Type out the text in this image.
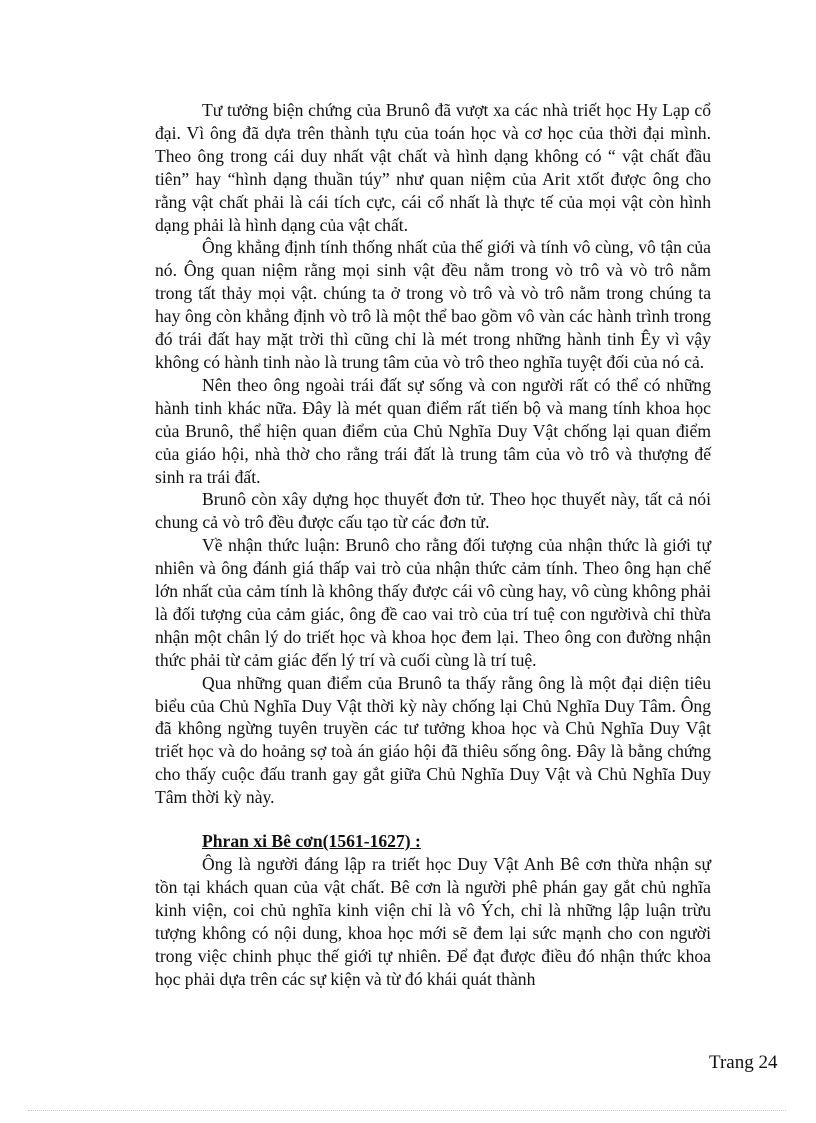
Tư tưởng biện chứng của Brunô đã vượt xa các nhà triết học Hy Lạp cổ đại. Vì ông đã dựa trên thành tựu của toán học và cơ học của thời đại mình. Theo ông trong cái duy nhất vật chất và hình dạng không có “ vật chất đầu tiên” hay “hình dạng thuần túy” như quan niệm của Arit xtốt được ông cho rằng vật chất phải là cái tích cực, cái cổ nhất là thực tế của mọi vật còn hình dạng phải là hình dạng của vật chất.

Ông khẳng định tính thống nhất của thế giới và tính vô cùng, vô tận của nó. Ông quan niệm rằng mọi sinh vật đều nằm trong vò trô và vò trô nằm trong tất thảy mọi vật. chúng ta ở trong vò trô và vò trô nằm trong chúng ta hay ông còn khẳng định vò trô là một thể bao gồm vô vàn các hành trình trong đó trái đất hay mặt trời thì cũng chỉ là mét trong những hành tinh Êy vì vậy không có hành tinh nào là trung tâm của vò trô theo nghĩa tuyệt đối của nó cả.

Nên theo ông ngoài trái đất sự sống và con người rất có thể có những hành tinh khác nữa. Đây là mét quan điểm rất tiến bộ và mang tính khoa học của Brunô, thể hiện quan điểm của Chủ Nghĩa Duy Vật chống lại quan điểm của giáo hội, nhà thờ cho rằng trái đất là trung tâm của vò trô và thượng đế sinh ra trái đất.

Brunô còn xây dựng học thuyết đơn tử. Theo học thuyết này, tất cả nói chung cả vò trô đều được cấu tạo từ các đơn tử.

Về nhận thức luận: Brunô cho rằng đối tượng của nhận thức là giới tự nhiên và ông đánh giá thấp vai trò của nhận thức cảm tính. Theo ông hạn chế lớn nhất của cảm tính là không thấy được cái vô cùng hay, vô cùng không phải là đối tượng của cảm giác, ông đề cao vai trò của trí tuệ con ngườivà chỉ thừa nhận một chân lý do triết học và khoa học đem lại. Theo ông con đường nhận thức phải từ cảm giác đến lý trí và cuối cùng là trí tuệ.

Qua những quan điểm của Brunô ta thấy rằng ông là một đại diện tiêu biểu của Chủ Nghĩa Duy Vật thời kỳ này chống lại Chủ Nghĩa Duy Tâm. Ông đã không ngừng tuyên truyền các tư tưởng khoa học và Chủ Nghĩa Duy Vật triết học và do hoảng sợ toà án giáo hội đã thiêu sống ông. Đây là bằng chứng cho thấy cuộc đấu tranh gay gắt giữa Chủ Nghĩa Duy Vật và Chủ Nghĩa Duy Tâm thời kỳ này.

Phran xi Bê cơn(1561-1627) :

Ông là người đáng lập ra triết học Duy Vật Anh Bê cơn thừa nhận sự tồn tại khách quan của vật chất. Bê cơn là người phê phán gay gắt chủ nghĩa kinh viện, coi chủ nghĩa kinh viện chỉ là vô Ých, chỉ là những lập luận trừu tượng không có nội dung, khoa học mới sẽ đem lại sức mạnh cho con người trong việc chinh phục thế giới tự nhiên. Để đạt được điều đó nhận thức khoa học phải dựa trên các sự kiện và từ đó khái quát thành

Trang 24
